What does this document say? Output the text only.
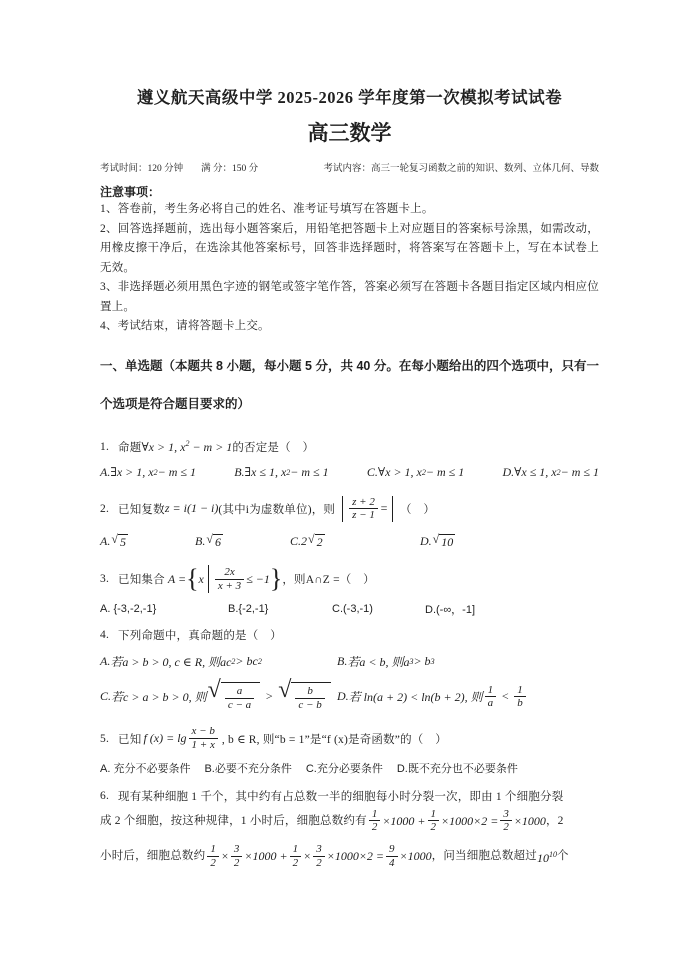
遵义航天高级中学 2025-2026 学年度第一次模拟考试试卷
高三数学
考试时间：120 分钟 满 分：150 分	考试内容：高三一轮复习函数之前的知识、数列、立体几何、导数
注意事项：

1、答卷前，考生务必将自己的姓名、准考证号填写在答题卡上。

2、回答选择题前，选出每小题答案后，用铅笔把答题卡上对应题目的答案标号涂黑，如需改动，用橡皮擦干净后，在选涂其他答案标号，回答非选择题时，将答案写在答题卡上，写在本试卷上无效。

3、非选择题必须用黑色字迹的钢笔或签字笔作答，答案必须写在答题卡各题目指定区域内相应位置上。

4、考试结束，请将答题卡上交。

一、单选题（本题共 8 小题，每小题 5 分，共 40 分。在每小题给出的四个选项中，只有一个选项是符合题目要求的）
1. 命题 ∀x > 1, $x^2 - m > 1$ 的否定是（　）
A. ∃x > 1, x 2 − m ≤ 1	B. ∃x ≤ 1, x 2 − m ≤ 1	C. ∀x > 1, x 2 − m ≤ 1	D. ∀x ≤ 1, x 2 − m ≤ 1
2. 已知复数 z = i(1 − i) (其中i为虚数单位)，则 $\frac{z + 2}{z - 1}$ = （　）
A. √ 5	B. √ 6	C. 2 √ 2	D. √ 10
3. 已知集合 A = { x $\frac{2x}{x + 3} \le -1$ } ，则A∩Z =（　）
A. {-3,-2,-1}	B.{-2,-1}	C.(-3,-1)	D.(-∞，-1]
4. 下列命题中，真命题的是（　）
A. 若a > b > 0, c ∈ R, 则ac 2 > bc 2	B. 若a < b, 则a 3 > b 3
C. 若c > a > b > 0, 则 √ $\frac{a}{c - a}$ > √ $\frac{b}{c - b} D$. 若 ln(a + 2) < ln(b + 2), 则 $\frac{1}{a} < \frac{1}{b}$
5. 已知 f $(x) = \lg \frac{x - b}{1 + x}$ , b ∈ R, 则“b = 1”是“f (x)是奇函数”的（　）
A. 充分不必要条件 B.必要不充分条件 C.充分必要条件 D.既不充分也不必要条件
6. 现有某种细胞 1 千个，其中约有占总数一半的细胞每小时分裂一次，即由 1 个细胞分裂
成 2 个细胞，按这种规律，1 小时后，细胞总数约有 $\frac{1}{2} \times 1000 + \frac{1}{2} \times 1000\times 2 = \frac{3}{2} \times 1000$ ，2
小时后，细胞总数约 $\frac{1}{2} \times \frac{3}{2} \times 1000 + \frac{1}{2} \times \frac{3}{2} \times 1000\times 2 = \frac{9}{4} \times 1000$ ，问当细胞总数超过 $10^{10}$ 个
